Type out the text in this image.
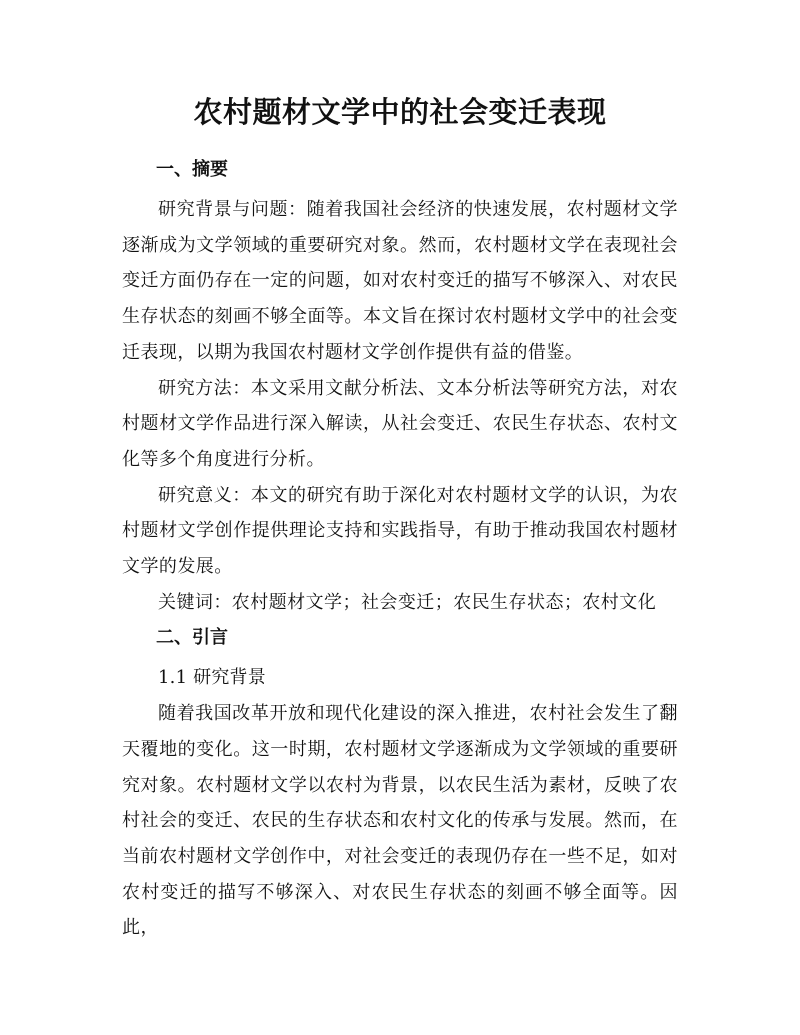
农村题材文学中的社会变迁表现
一、摘要

研究背景与问题：随着我国社会经济的快速发展，农村题材文学逐渐成为文学领域的重要研究对象。然而，农村题材文学在表现社会变迁方面仍存在一定的问题，如对农村变迁的描写不够深入、对农民生存状态的刻画不够全面等。本文旨在探讨农村题材文学中的社会变迁表现，以期为我国农村题材文学创作提供有益的借鉴。

研究方法：本文采用文献分析法、文本分析法等研究方法，对农村题材文学作品进行深入解读，从社会变迁、农民生存状态、农村文化等多个角度进行分析。

研究意义：本文的研究有助于深化对农村题材文学的认识，为农村题材文学创作提供理论支持和实践指导，有助于推动我国农村题材文学的发展。

关键词：农村题材文学；社会变迁；农民生存状态；农村文化

二、引言

1.1 研究背景

随着我国改革开放和现代化建设的深入推进，农村社会发生了翻天覆地的变化。这一时期，农村题材文学逐渐成为文学领域的重要研究对象。农村题材文学以农村为背景，以农民生活为素材，反映了农村社会的变迁、农民的生存状态和农村文化的传承与发展。然而，在当前农村题材文学创作中，对社会变迁的表现仍存在一些不足，如对农村变迁的描写不够深入、对农民生存状态的刻画不够全面等。因此，
